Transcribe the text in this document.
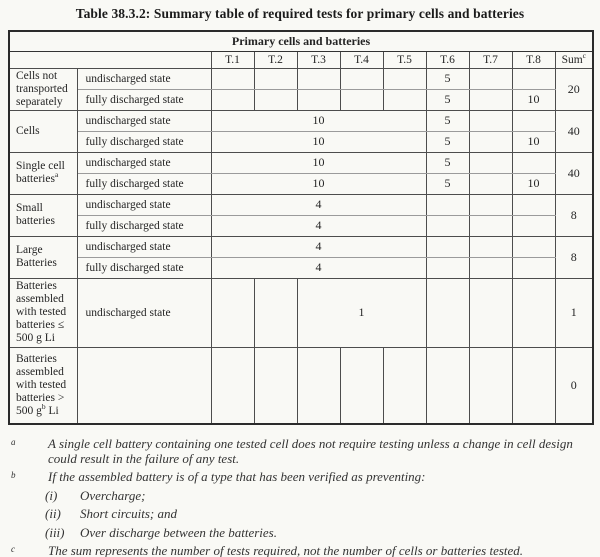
Table 38.3.2: Summary table of required tests for primary cells and batteries
Primary cells and batteries										
		T.1	T.2	T.3	T.4	T.5	T.6	T.7	T.8	Sum$^c$
Cells not transported separately	undischarged state						5			20
	fully discharged state						5		10	
Cells	undischarged state	10					5			40
	fully discharged state	10					5		10	
Single cell batteries$^a$	undischarged state	10					5			40
	fully discharged state	10					5		10	
Small batteries	undischarged state	4								8
	fully discharged state	4								
Large Batteries	undischarged state	4								8
	fully discharged state	4								
Batteries assembled with tested batteries ≤ 500 g Li	undischarged state			1						1
Batteries assembled with tested batteries > 500 $g^b$ Li										0
a	A single cell battery containing one tested cell does not require testing unless a change in cell design could result in the failure of any test.
b	If the assembled battery is of a type that has been verified as preventing:
(i)	Overcharge;
(ii)	Short circuits; and
(iii)	Over discharge between the batteries.
c	The sum represents the number of tests required, not the number of cells or batteries tested.
